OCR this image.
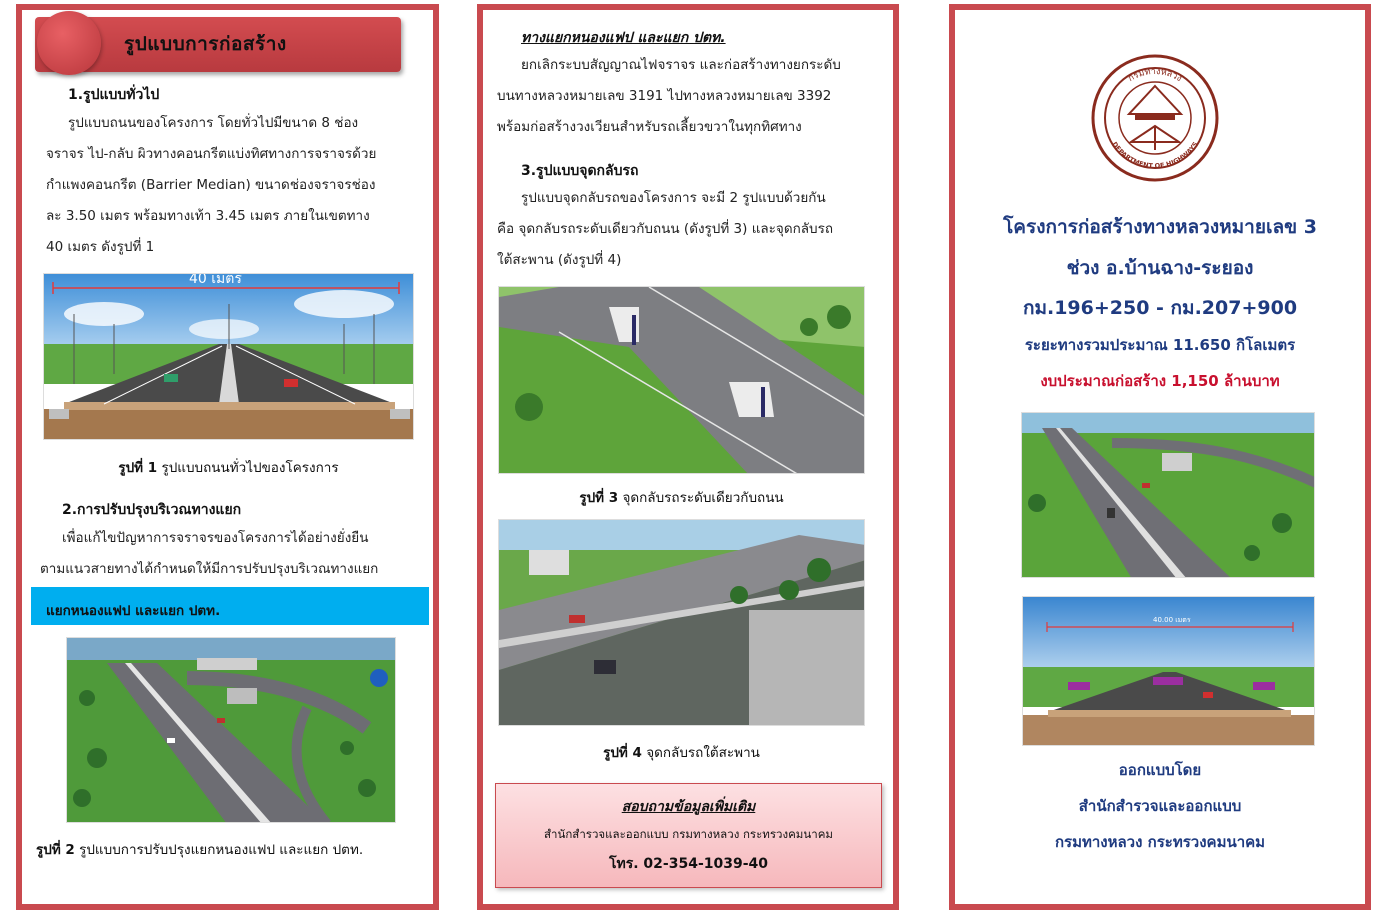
รูปแบบการก่อสร้าง
1.รูปแบบทั่วไป
รูปแบบถนนของโครงการ โดยทั่วไปมีขนาด 8 ช่อง
จราจร ไป-กลับ ผิวทางคอนกรีตแบ่งทิศทางการจราจรด้วย
กำแพงคอนกรีต (Barrier Median) ขนาดช่องจราจรช่อง
ละ 3.50 เมตร พร้อมทางเท้า 3.45 เมตร ภายในเขตทาง
40 เมตร ดังรูปที่ 1
40 เมตร
รูปที่ 1 รูปแบบถนนทั่วไปของโครงการ
2.การปรับปรุงบริเวณทางแยก
เพื่อแก้ไขปัญหาการจราจรของโครงการได้อย่างยั่งยืน
ตามแนวสายทางได้กำหนดให้มีการปรับปรุงบริเวณทางแยก
แยกหนองแฟป และแยก ปตท.
รูปที่ 2 รูปแบบการปรับปรุงแยกหนองแฟป และแยก ปตท.
ทางแยกหนองแฟป และแยก ปตท.
ยกเลิกระบบสัญญาณไฟจราจร และก่อสร้างทางยกระดับ
บนทางหลวงหมายเลข 3191 ไปทางหลวงหมายเลข 3392
พร้อมก่อสร้างวงเวียนสำหรับรถเลี้ยวขวาในทุกทิศทาง
3.รูปแบบจุดกลับรถ
รูปแบบจุดกลับรถของโครงการ จะมี 2 รูปแบบด้วยกัน
คือ จุดกลับรถระดับเดียวกับถนน (ดังรูปที่ 3) และจุดกลับรถ
ใต้สะพาน (ดังรูปที่ 4)
รูปที่ 3 จุดกลับรถระดับเดียวกับถนน
รูปที่ 4 จุดกลับรถใต้สะพาน
สอบถามข้อมูลเพิ่มเติม
สำนักสำรวจและออกแบบ กรมทางหลวง กระทรวงคมนาคม
โทร. 02-354-1039-40
กรมทางหลวง
DEPARTMENT OF HIGHWAYS
โครงการก่อสร้างทางหลวงหมายเลข 3
ช่วง อ.บ้านฉาง-ระยอง
กม.196+250 - กม.207+900
ระยะทางรวมประมาณ 11.650 กิโลเมตร
งบประมาณก่อสร้าง 1,150 ล้านบาท
40.00 เมตร
ออกแบบโดย
สำนักสำรวจและออกแบบ
กรมทางหลวง กระทรวงคมนาคม
